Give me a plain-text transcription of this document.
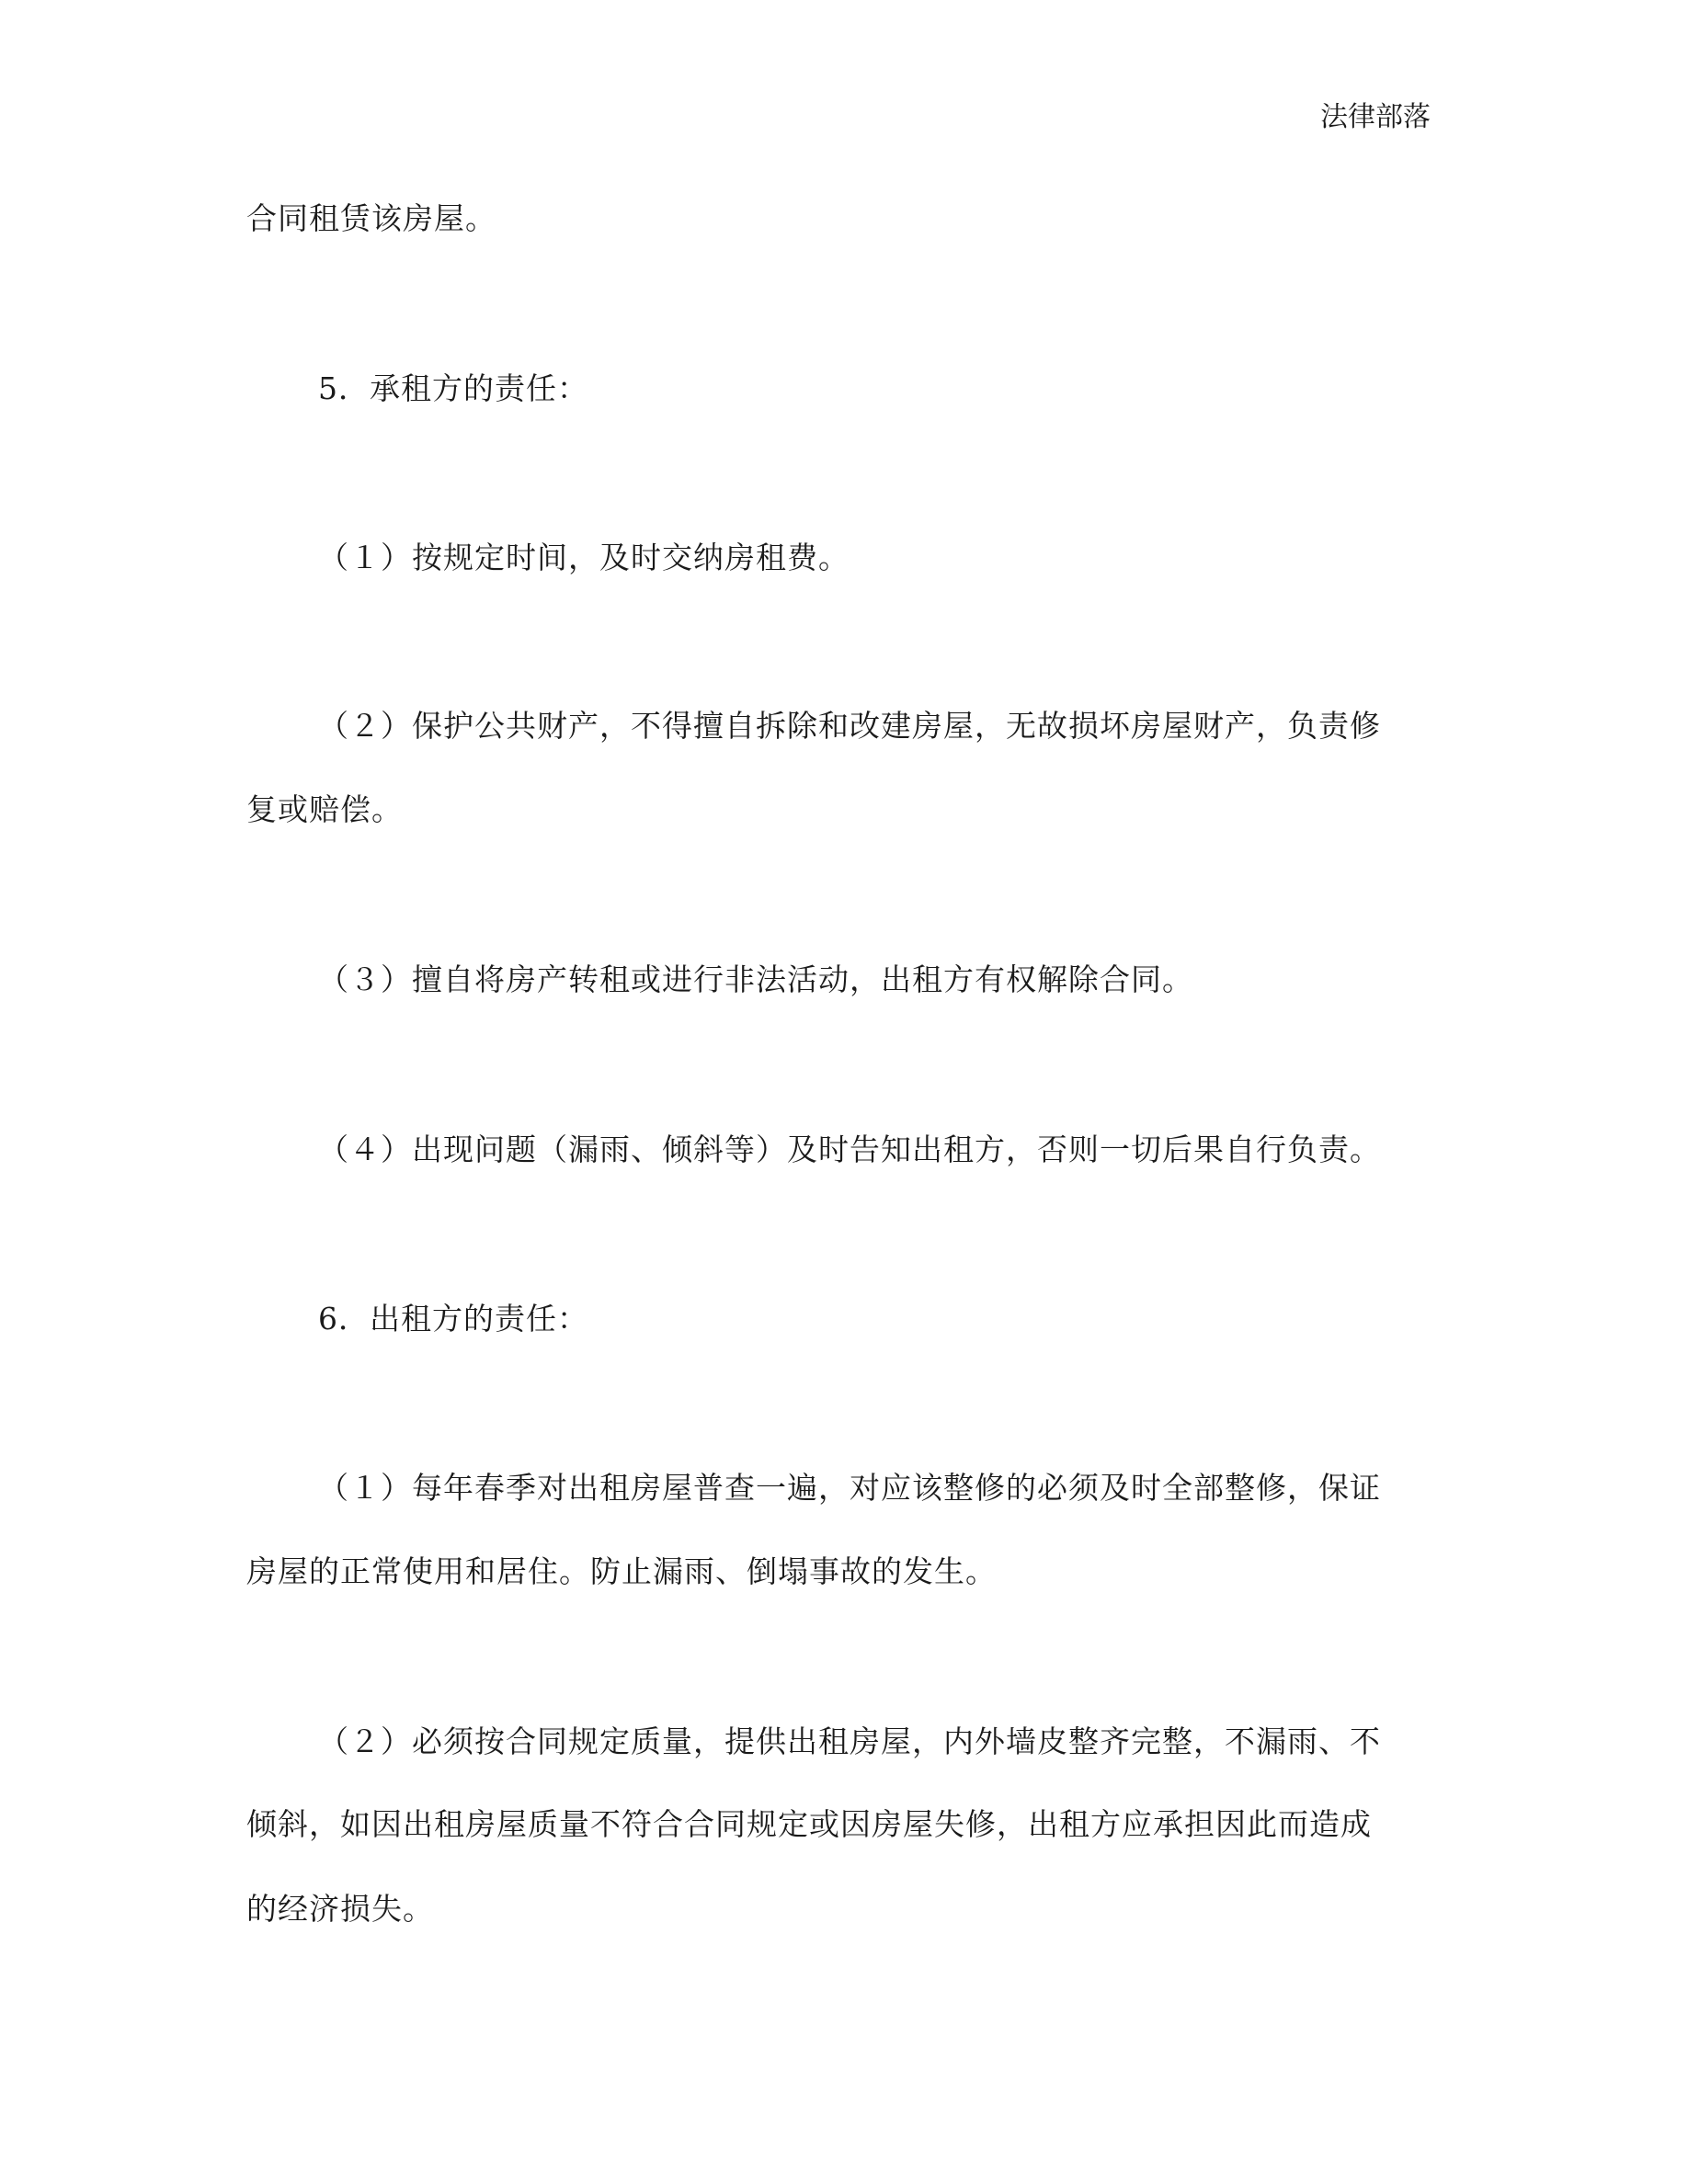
法律部落
合同租赁该房屋。
5．承租方的责任：
（１）按规定时间，及时交纳房租费。
（２）保护公共财产，不得擅自拆除和改建房屋，无故损坏房屋财产，负责修
复或赔偿。
（３）擅自将房产转租或进行非法活动，出租方有权解除合同。
（４）出现问题（漏雨、倾斜等）及时告知出租方，否则一切后果自行负责。
6．出租方的责任：
（１）每年春季对出租房屋普查一遍，对应该整修的必须及时全部整修，保证
房屋的正常使用和居住。防止漏雨、倒塌事故的发生。
（２）必须按合同规定质量，提供出租房屋，内外墙皮整齐完整，不漏雨、不
倾斜，如因出租房屋质量不符合合同规定或因房屋失修，出租方应承担因此而造成
的经济损失。
